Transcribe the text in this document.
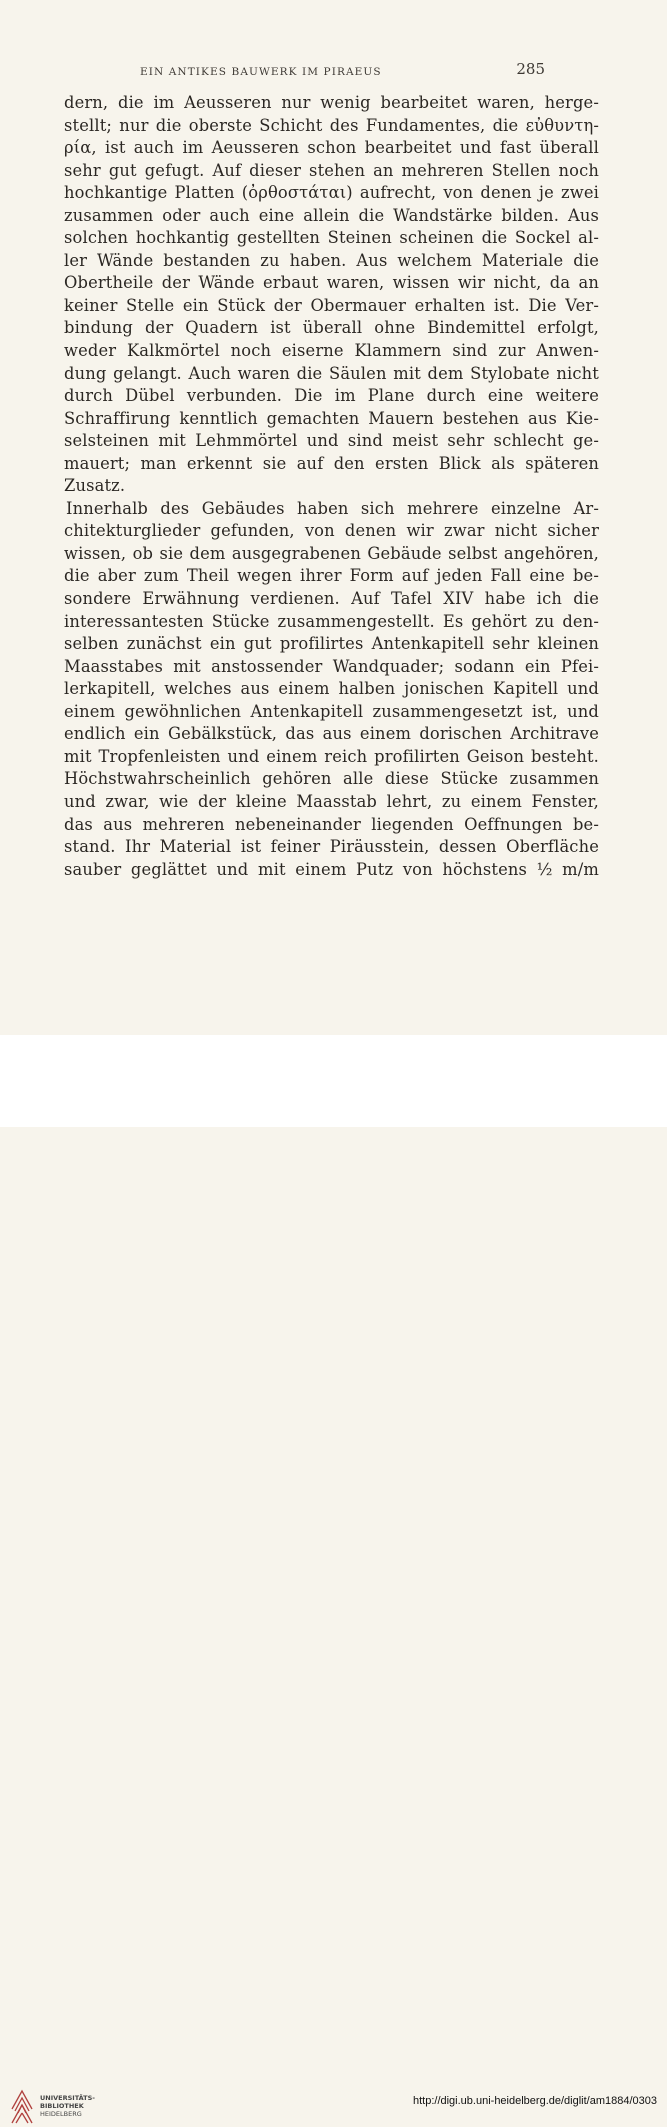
EIN ANTIKES BAUWERK IM PIRAEUS	285
dern, die im Aeusseren nur wenig bearbeitet waren, herge-
stellt; nur die oberste Schicht des Fundamentes, die εὐθυντη-
ρία, ist auch im Aeusseren schon bearbeitet und fast überall
sehr gut gefugt. Auf dieser stehen an mehreren Stellen noch
hochkantige Platten (ὀρθοστάται) aufrecht, von denen je zwei
zusammen oder auch eine allein die Wandstärke bilden. Aus
solchen hochkantig gestellten Steinen scheinen die Sockel al-
ler Wände bestanden zu haben. Aus welchem Materiale die
Obertheile der Wände erbaut waren, wissen wir nicht, da an
keiner Stelle ein Stück der Obermauer erhalten ist. Die Ver-
bindung der Quadern ist überall ohne Bindemittel erfolgt,
weder Kalkmörtel noch eiserne Klammern sind zur Anwen-
dung gelangt. Auch waren die Säulen mit dem Stylobate nicht
durch Dübel verbunden. Die im Plane durch eine weitere
Schraffirung kenntlich gemachten Mauern bestehen aus Kie-
selsteinen mit Lehmmörtel und sind meist sehr schlecht ge-
mauert; man erkennt sie auf den ersten Blick als späteren
Zusatz.
Innerhalb des Gebäudes haben sich mehrere einzelne Ar-
chitekturglieder gefunden, von denen wir zwar nicht sicher
wissen, ob sie dem ausgegrabenen Gebäude selbst angehören,
die aber zum Theil wegen ihrer Form auf jeden Fall eine be-
sondere Erwähnung verdienen. Auf Tafel XIV habe ich die
interessantesten Stücke zusammengestellt. Es gehört zu den-
selben zunächst ein gut profilirtes Antenkapitell sehr kleinen
Maasstabes mit anstossender Wandquader; sodann ein Pfei-
lerkapitell, welches aus einem halben jonischen Kapitell und
einem gewöhnlichen Antenkapitell zusammengesetzt ist, und
endlich ein Gebälkstück, das aus einem dorischen Architrave
mit Tropfenleisten und einem reich profilirten Geison besteht.
Höchstwahrscheinlich gehören alle diese Stücke zusammen
und zwar, wie der kleine Maasstab lehrt, zu einem Fenster,
das aus mehreren nebeneinander liegenden Oeffnungen be-
stand. Ihr Material ist feiner Piräusstein, dessen Oberfläche
sauber geglättet und mit einem Putz von höchstens ½ m/m
UNIVERSITÄTS-
BIBLIOTHEK
HEIDELBERG
http://digi.ub.uni-heidelberg.de/diglit/am1884/0303
